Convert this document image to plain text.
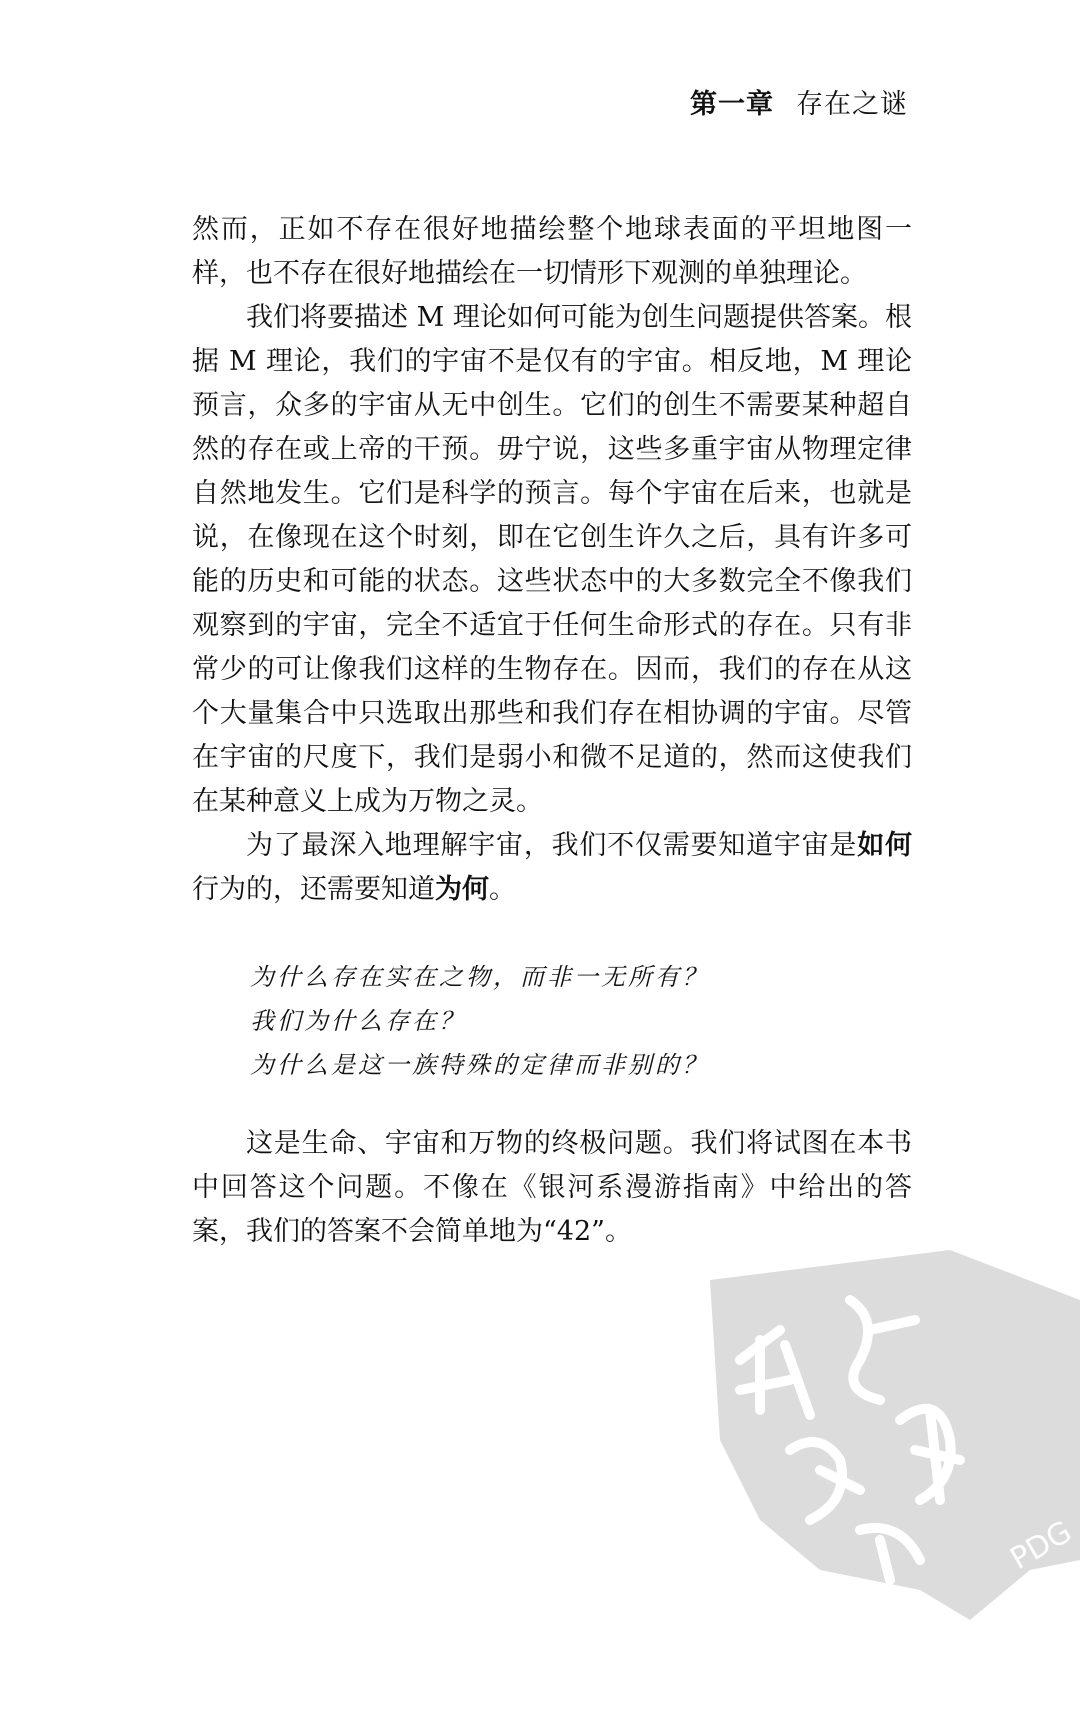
第一章 存在之谜

然而，正如不存在很好地描绘整个地球表面的平坦地图一样，也不存在很好地描绘在一切情形下观测的单独理论。

我们将要描述 M 理论如何可能为创生问题提供答案。根据 M 理论，我们的宇宙不是仅有的宇宙。相反地，M 理论预言，众多的宇宙从无中创生。它们的创生不需要某种超自然的存在或上帝的干预。毋宁说，这些多重宇宙从物理定律自然地发生。它们是科学的预言。每个宇宙在后来，也就是说，在像现在这个时刻，即在它创生许久之后，具有许多可能的历史和可能的状态。这些状态中的大多数完全不像我们观察到的宇宙，完全不适宜于任何生命形式的存在。只有非常少的可让像我们这样的生物存在。因而，我们的存在从这个大量集合中只选取出那些和我们存在相协调的宇宙。尽管在宇宙的尺度下，我们是弱小和微不足道的，然而这使我们在某种意义上成为万物之灵。

为了最深入地理解宇宙，我们不仅需要知道宇宙是如何行为的，还需要知道为何。

为什么存在实在之物，而非一无所有？
我们为什么存在？
为什么是这一族特殊的定律而非别的？

这是生命、宇宙和万物的终极问题。我们将试图在本书中回答这个问题。不像在《银河系漫游指南》中给出的答案，我们的答案不会简单地为“42”。

PDG
